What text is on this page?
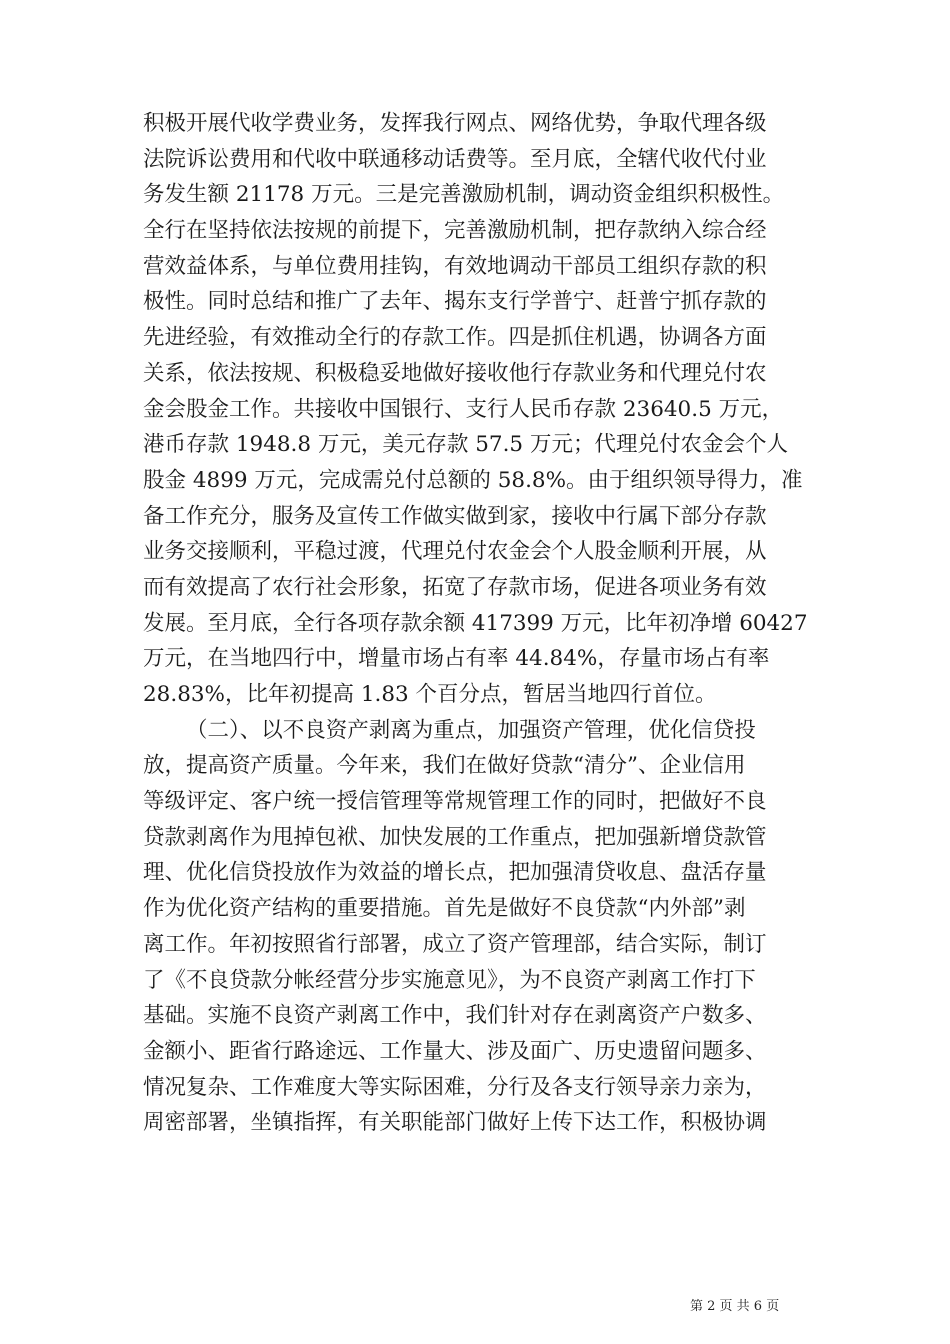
积极开展代收学费业务，发挥我行网点、网络优势，争取代理各级
法院诉讼费用和代收中联通移动话费等。至月底，全辖代收代付业
务发生额 21178 万元。三是完善激励机制，调动资金组织积极性。
全行在坚持依法按规的前提下，完善激励机制，把存款纳入综合经
营效益体系，与单位费用挂钩，有效地调动干部员工组织存款的积
极性。同时总结和推广了去年、揭东支行学普宁、赶普宁抓存款的
先进经验，有效推动全行的存款工作。四是抓住机遇，协调各方面
关系，依法按规、积极稳妥地做好接收他行存款业务和代理兑付农
金会股金工作。共接收中国银行、支行人民币存款 23640.5 万元，
港币存款 1948.8 万元，美元存款 57.5 万元；代理兑付农金会个人
股金 4899 万元，完成需兑付总额的 58.8%。由于组织领导得力，准
备工作充分，服务及宣传工作做实做到家，接收中行属下部分存款
业务交接顺利，平稳过渡，代理兑付农金会个人股金顺利开展，从
而有效提高了农行社会形象，拓宽了存款市场，促进各项业务有效
发展。至月底，全行各项存款余额 417399 万元，比年初净增 60427
万元，在当地四行中，增量市场占有率 44.84%，存量市场占有率
28.83%，比年初提高 1.83 个百分点，暂居当地四行首位。
（二）、以不良资产剥离为重点，加强资产管理，优化信贷投
放，提高资产质量。今年来，我们在做好贷款“清分”、企业信用
等级评定、客户统一授信管理等常规管理工作的同时，把做好不良
贷款剥离作为甩掉包袱、加快发展的工作重点，把加强新增贷款管
理、优化信贷投放作为效益的增长点，把加强清贷收息、盘活存量
作为优化资产结构的重要措施。首先是做好不良贷款“内外部”剥
离工作。年初按照省行部署，成立了资产管理部，结合实际，制订
了《不良贷款分帐经营分步实施意见》，为不良资产剥离工作打下
基础。实施不良资产剥离工作中，我们针对存在剥离资产户数多、
金额小、距省行路途远、工作量大、涉及面广、历史遗留问题多、
情况复杂、工作难度大等实际困难，分行及各支行领导亲力亲为，
周密部署，坐镇指挥，有关职能部门做好上传下达工作，积极协调
第 2 页 共 6 页
